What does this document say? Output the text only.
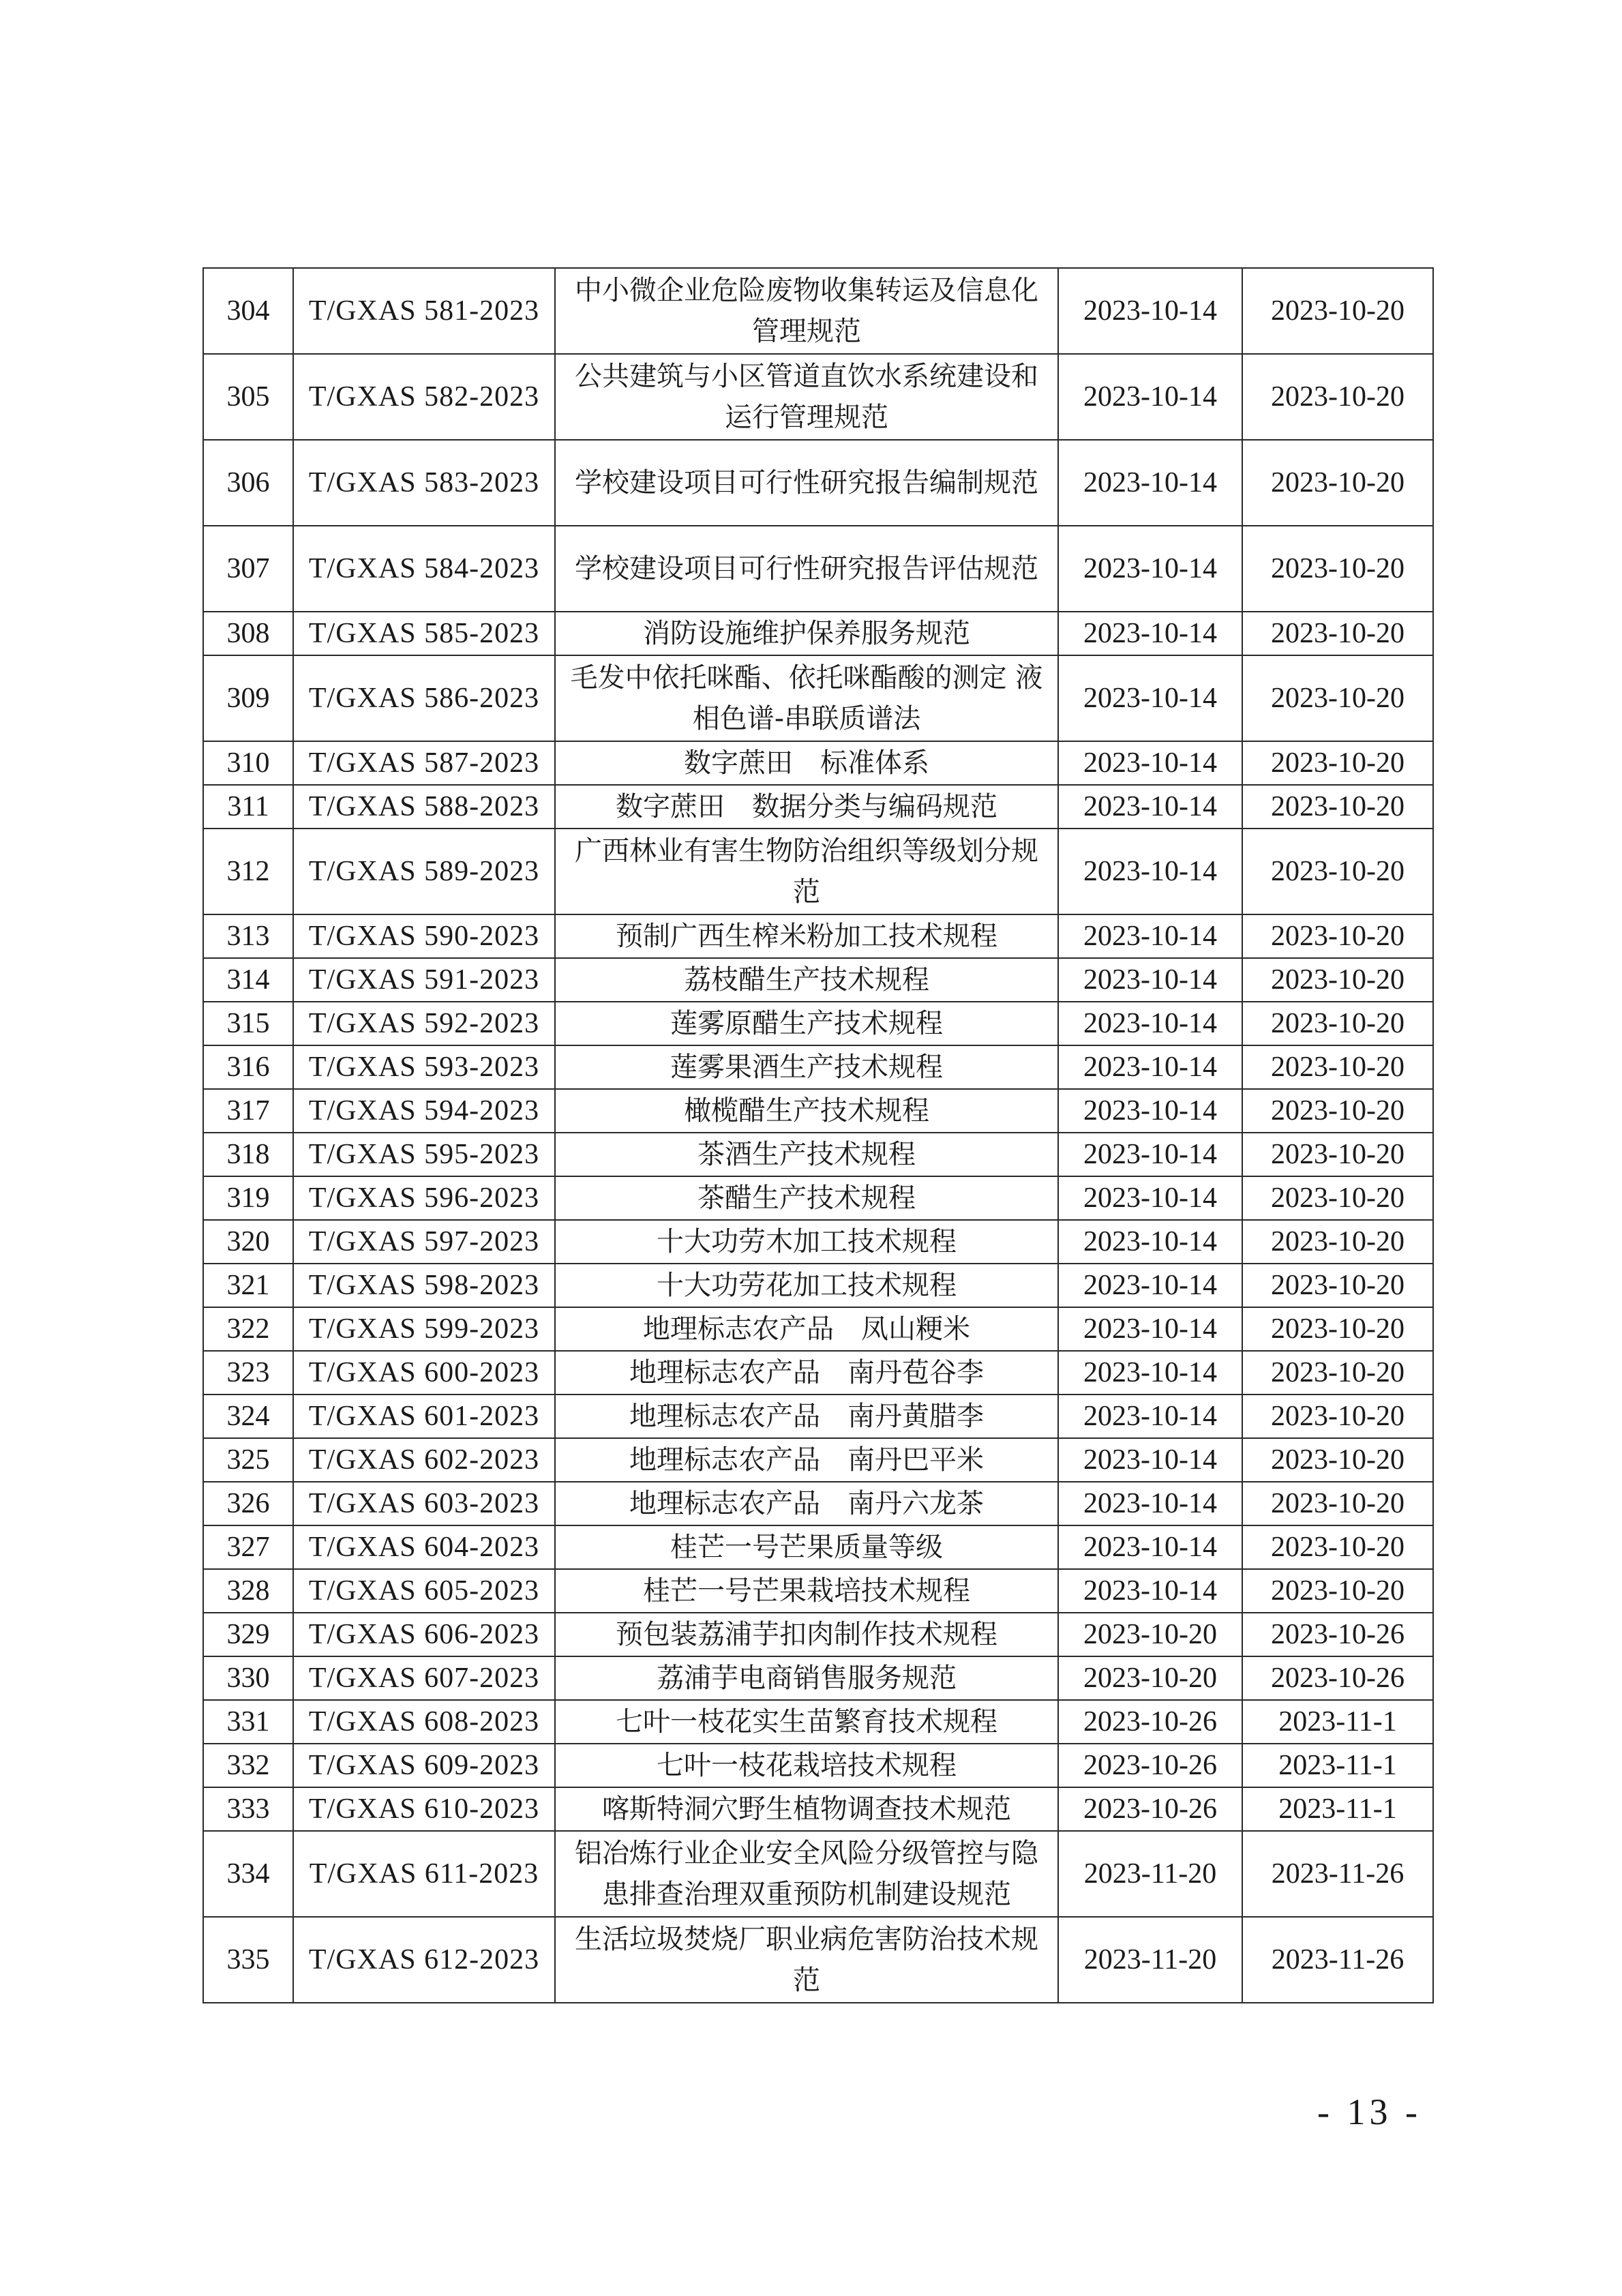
304	T/GXAS 581-2023	中小微企业危险废物收集转运及信息化管理规范	2023-10-14	2023-10-20
305	T/GXAS 582-2023	公共建筑与小区管道直饮水系统建设和运行管理规范	2023-10-14	2023-10-20
306	T/GXAS 583-2023	学校建设项目可行性研究报告编制规范	2023-10-14	2023-10-20
307	T/GXAS 584-2023	学校建设项目可行性研究报告评估规范	2023-10-14	2023-10-20
308	T/GXAS 585-2023	消防设施维护保养服务规范	2023-10-14	2023-10-20
309	T/GXAS 586-2023	毛发中依托咪酯、依托咪酯酸的测定 液相色谱-串联质谱法	2023-10-14	2023-10-20
310	T/GXAS 587-2023	数字蔗田　标准体系	2023-10-14	2023-10-20
311	T/GXAS 588-2023	数字蔗田　数据分类与编码规范	2023-10-14	2023-10-20
312	T/GXAS 589-2023	广西林业有害生物防治组织等级划分规范	2023-10-14	2023-10-20
313	T/GXAS 590-2023	预制广西生榨米粉加工技术规程	2023-10-14	2023-10-20
314	T/GXAS 591-2023	荔枝醋生产技术规程	2023-10-14	2023-10-20
315	T/GXAS 592-2023	莲雾原醋生产技术规程	2023-10-14	2023-10-20
316	T/GXAS 593-2023	莲雾果酒生产技术规程	2023-10-14	2023-10-20
317	T/GXAS 594-2023	橄榄醋生产技术规程	2023-10-14	2023-10-20
318	T/GXAS 595-2023	茶酒生产技术规程	2023-10-14	2023-10-20
319	T/GXAS 596-2023	茶醋生产技术规程	2023-10-14	2023-10-20
320	T/GXAS 597-2023	十大功劳木加工技术规程	2023-10-14	2023-10-20
321	T/GXAS 598-2023	十大功劳花加工技术规程	2023-10-14	2023-10-20
322	T/GXAS 599-2023	地理标志农产品　凤山粳米	2023-10-14	2023-10-20
323	T/GXAS 600-2023	地理标志农产品　南丹苞谷李	2023-10-14	2023-10-20
324	T/GXAS 601-2023	地理标志农产品　南丹黄腊李	2023-10-14	2023-10-20
325	T/GXAS 602-2023	地理标志农产品　南丹巴平米	2023-10-14	2023-10-20
326	T/GXAS 603-2023	地理标志农产品　南丹六龙茶	2023-10-14	2023-10-20
327	T/GXAS 604-2023	桂芒一号芒果质量等级	2023-10-14	2023-10-20
328	T/GXAS 605-2023	桂芒一号芒果栽培技术规程	2023-10-14	2023-10-20
329	T/GXAS 606-2023	预包装荔浦芋扣肉制作技术规程	2023-10-20	2023-10-26
330	T/GXAS 607-2023	荔浦芋电商销售服务规范	2023-10-20	2023-10-26
331	T/GXAS 608-2023	七叶一枝花实生苗繁育技术规程	2023-10-26	2023-11-1
332	T/GXAS 609-2023	七叶一枝花栽培技术规程	2023-10-26	2023-11-1
333	T/GXAS 610-2023	喀斯特洞穴野生植物调查技术规范	2023-10-26	2023-11-1
334	T/GXAS 611-2023	铝冶炼行业企业安全风险分级管控与隐患排查治理双重预防机制建设规范	2023-11-20	2023-11-26
335	T/GXAS 612-2023	生活垃圾焚烧厂职业病危害防治技术规范	2023-11-20	2023-11-26
- 13 -
